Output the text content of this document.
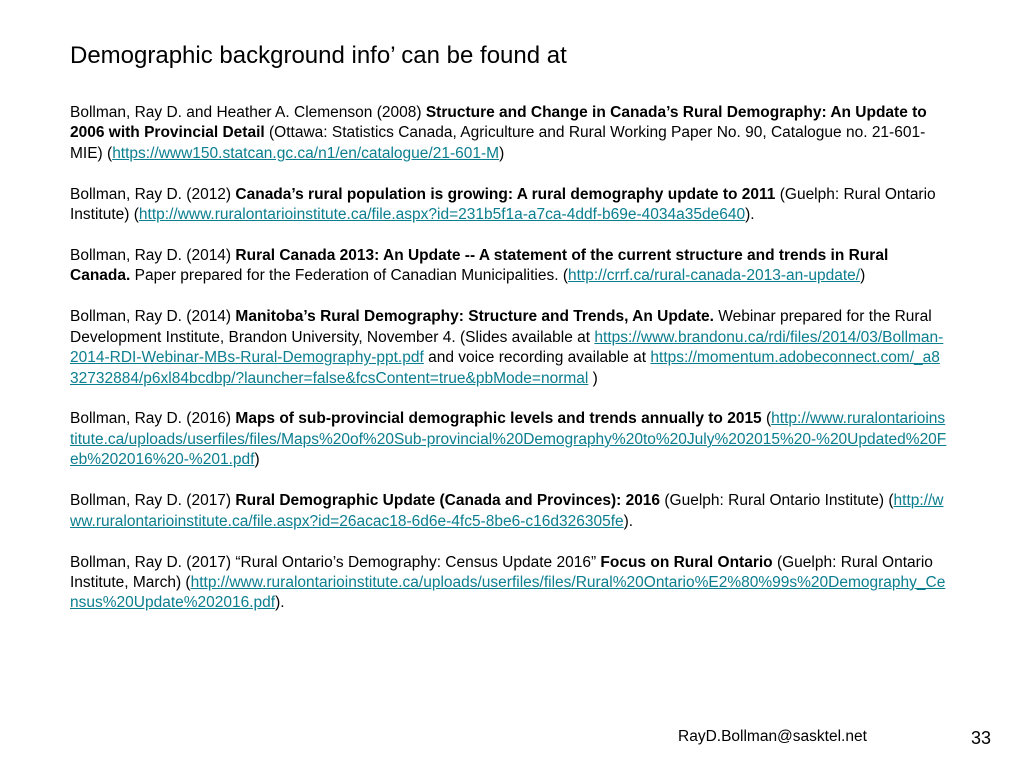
Demographic background info’ can be found at

Bollman, Ray D. and Heather A. Clemenson (2008) Structure and Change in Canada’s Rural Demography: An Update to 2006 with Provincial Detail (Ottawa: Statistics Canada, Agriculture and Rural Working Paper No. 90, Catalogue no. 21-601-MIE) (https://www150.statcan.gc.ca/n1/en/catalogue/21-601-M)

Bollman, Ray D. (2012) Canada’s rural population is growing: A rural demography update to 2011 (Guelph: Rural Ontario Institute) (http://www.ruralontarioinstitute.ca/file.aspx?id=231b5f1a-a7ca-4ddf-b69e-4034a35de640).

Bollman, Ray D. (2014) Rural Canada 2013: An Update -- A statement of the current structure and trends in Rural Canada. Paper prepared for the Federation of Canadian Municipalities. (http://crrf.ca/rural-canada-2013-an-update/)

Bollman, Ray D. (2014) Manitoba’s Rural Demography: Structure and Trends, An Update. Webinar prepared for the Rural Development Institute, Brandon University, November 4. (Slides available at https://www.brandonu.ca/rdi/files/2014/03/Bollman-2014-RDI-Webinar-MBs-Rural-Demography-ppt.pdf and voice recording available at https://momentum.adobeconnect.com/_a832732884/p6xl84bcdbp/?launcher=false&fcsContent=true&pbMode=normal )

Bollman, Ray D. (2016) Maps of sub-provincial demographic levels and trends annually to 2015 (http://www.ruralontarioinstitute.ca/uploads/userfiles/files/Maps%20of%20Sub-provincial%20Demography%20to%20July%202015%20-%20Updated%20Feb%202016%20-%201.pdf)

Bollman, Ray D. (2017) Rural Demographic Update (Canada and Provinces): 2016 (Guelph: Rural Ontario Institute) (http://www.ruralontarioinstitute.ca/file.aspx?id=26acac18-6d6e-4fc5-8be6-c16d326305fe).

Bollman, Ray D. (2017) “Rural Ontario’s Demography: Census Update 2016” Focus on Rural Ontario (Guelph: Rural Ontario Institute, March) (http://www.ruralontarioinstitute.ca/uploads/userfiles/files/Rural%20Ontario%E2%80%99s%20Demography_Census%20Update%202016.pdf).

RayD.Bollman@sasktel.net	33
